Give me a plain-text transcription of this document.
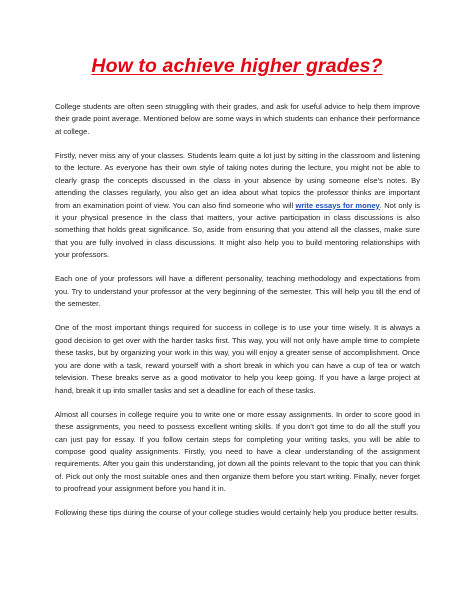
How to achieve higher grades?

College students are often seen struggling with their grades, and ask for useful advice to help them improve their grade point average. Mentioned below are some ways in which students can enhance their performance at college.

Firstly, never miss any of your classes. Students learn quite a lot just by sitting in the classroom and listening to the lecture. As everyone has their own style of taking notes during the lecture, you might not be able to clearly grasp the concepts discussed in the class in your absence by using someone else’s notes. By attending the classes regularly, you also get an idea about what topics the professor thinks are important from an examination point of view. You can also find someone who will write essays for money. Not only is it your physical presence in the class that matters, your active participation in class discussions is also something that holds great significance. So, aside from ensuring that you attend all the classes, make sure that you are fully involved in class discussions. It might also help you to build mentoring relationships with your professors.

Each one of your professors will have a different personality, teaching methodology and expectations from you. Try to understand your professor at the very beginning of the semester. This will help you till the end of the semester.

One of the most important things required for success in college is to use your time wisely. It is always a good decision to get over with the harder tasks first. This way, you will not only have ample time to complete these tasks, but by organizing your work in this way, you will enjoy a greater sense of accomplishment. Once you are done with a task, reward yourself with a short break in which you can have a cup of tea or watch television. These breaks serve as a good motivator to help you keep going. If you have a large project at hand, break it up into smaller tasks and set a deadline for each of these tasks.

Almost all courses in college require you to write one or more essay assignments. In order to score good in these assignments, you need to possess excellent writing skills. If you don’t got time to do all the stuff you can just pay for essay. If you follow certain steps for completing your writing tasks, you will be able to compose good quality assignments. Firstly, you need to have a clear understanding of the assignment requirements. After you gain this understanding, jot down all the points relevant to the topic that you can think of. Pick out only the most suitable ones and then organize them before you start writing. Finally, never forget to proofread your assignment before you hand it in.

Following these tips during the course of your college studies would certainly help you produce better results.
